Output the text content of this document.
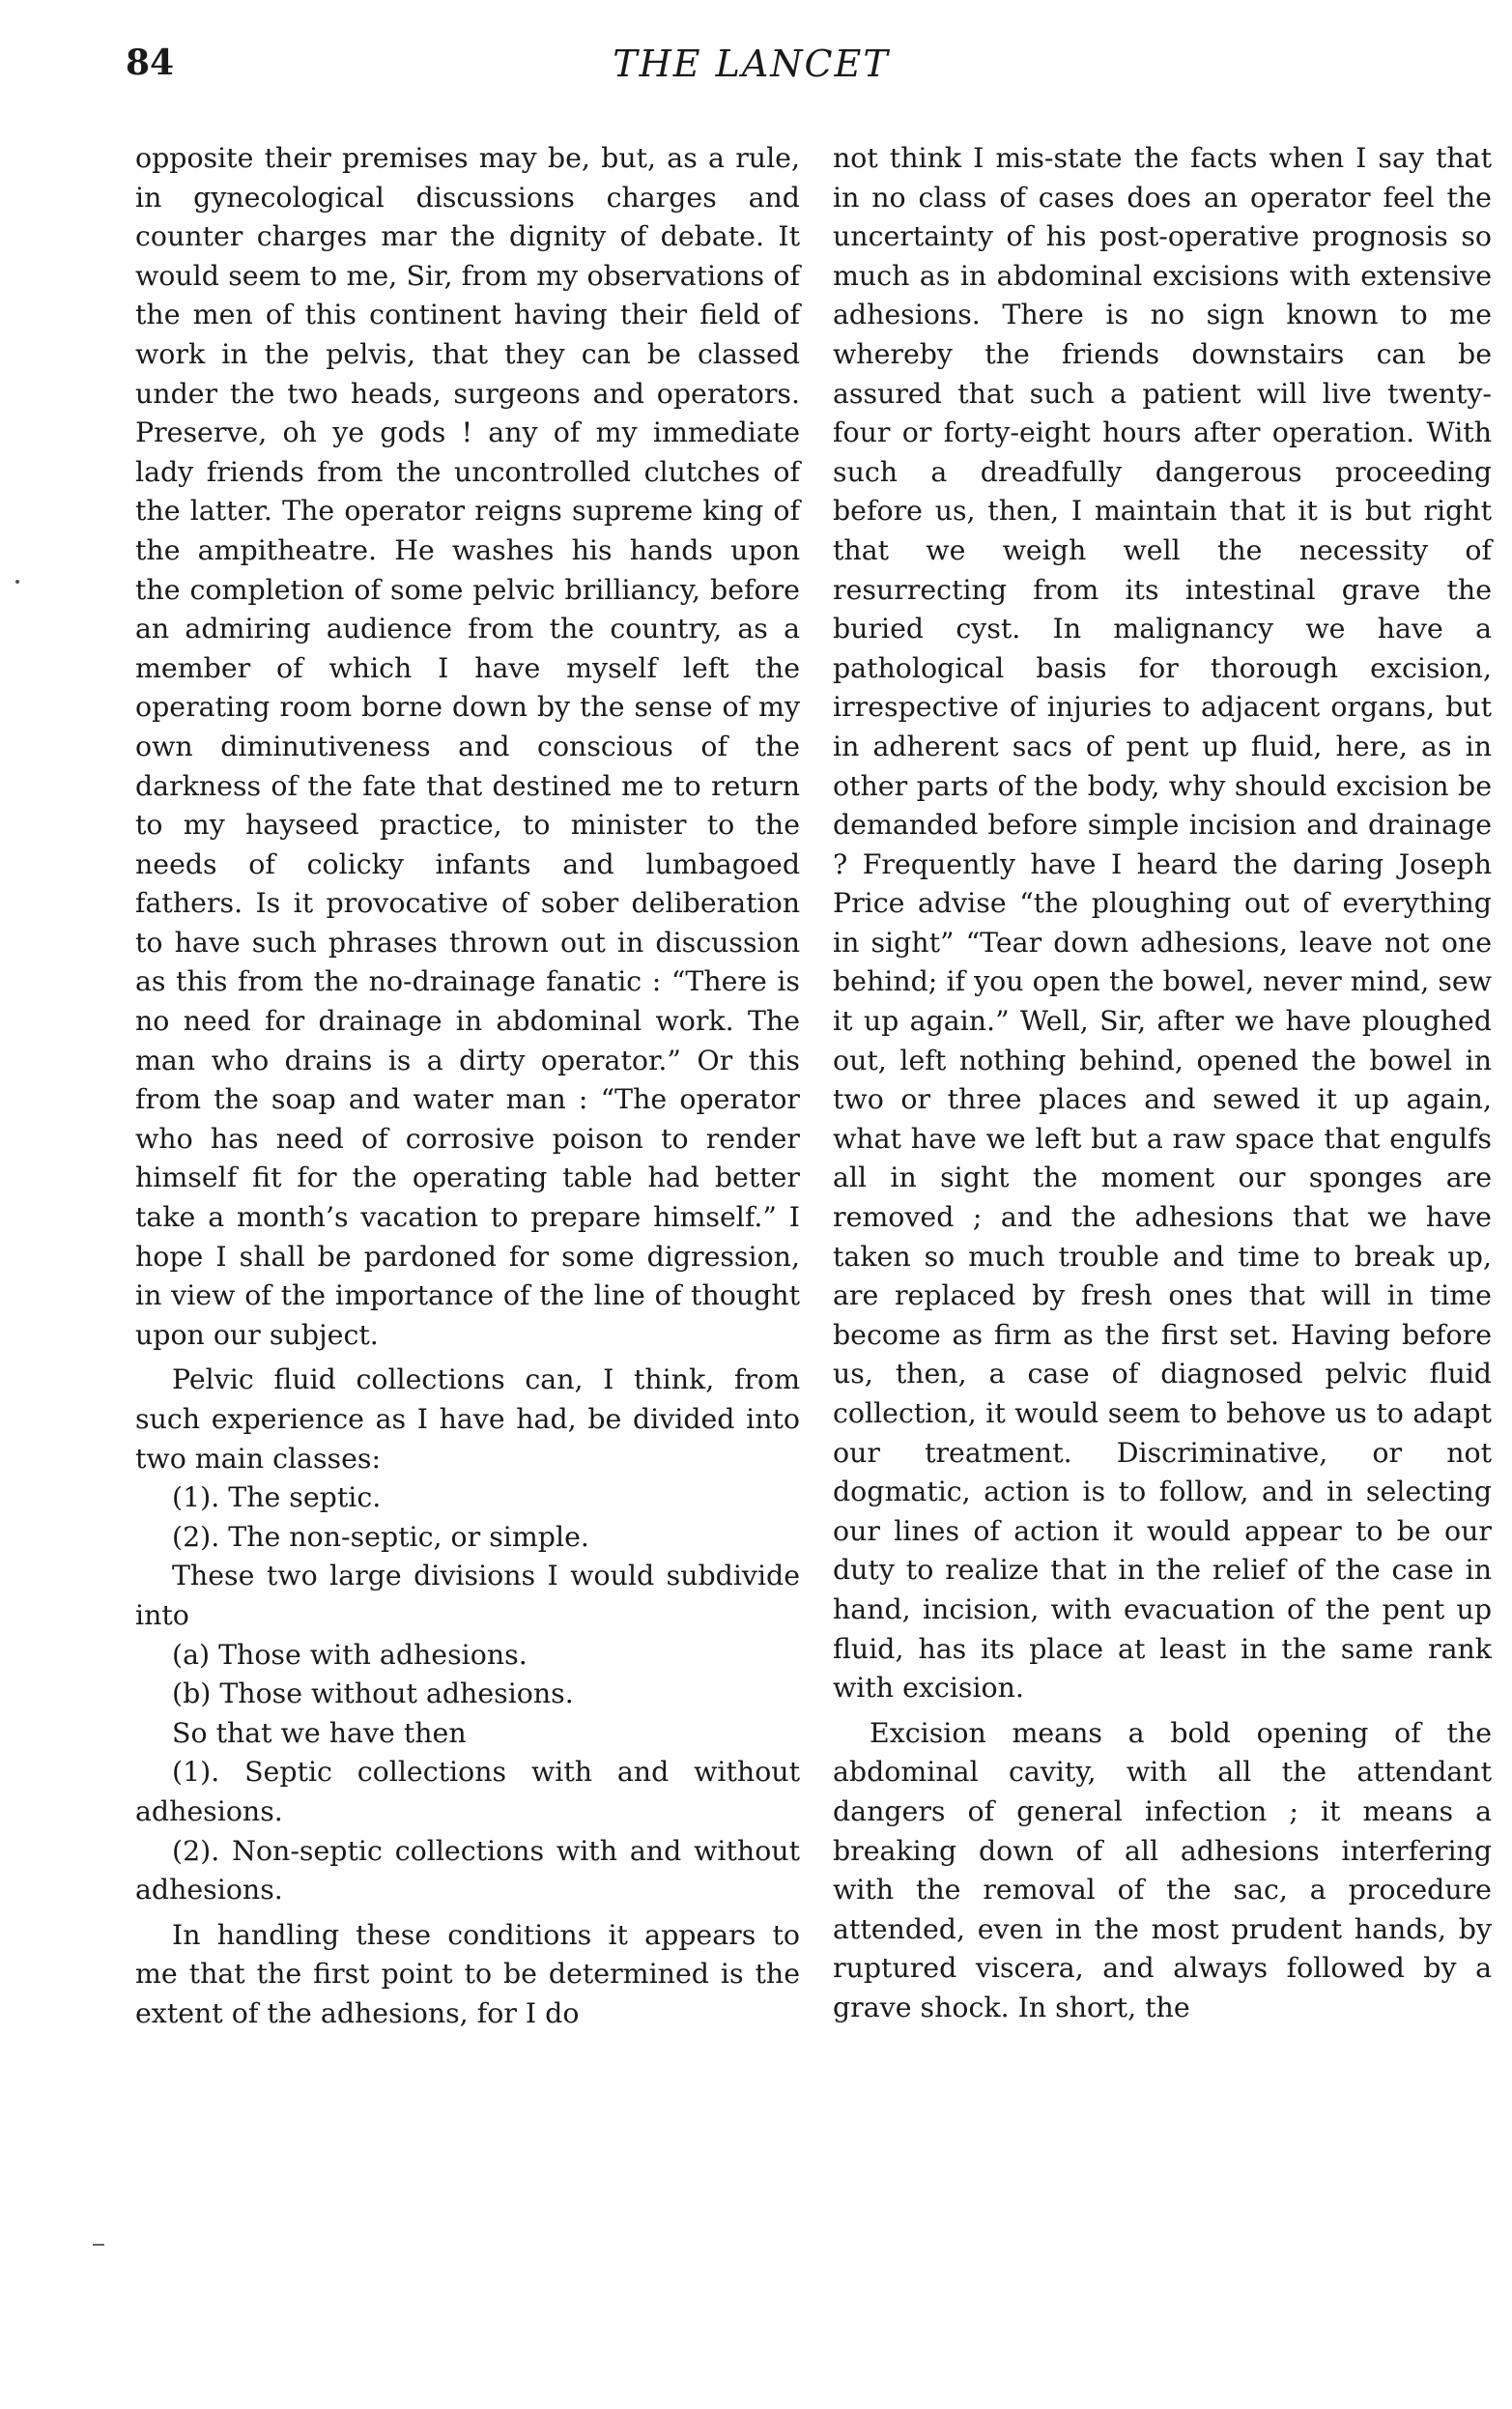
84	THE LANCET

opposite their premises may be, but, as a rule, in gynecological discussions charges and counter charges mar the dignity of debate. It would seem to me, Sir, from my observations of the men of this continent having their field of work in the pelvis, that they can be classed under the two heads, surgeons and operators. Preserve, oh ye gods ! any of my immediate lady friends from the uncontrolled clutches of the latter. The operator reigns supreme king of the ampitheatre. He washes his hands upon the completion of some pelvic brilliancy, before an admiring audience from the country, as a member of which I have myself left the operating room borne down by the sense of my own diminutiveness and conscious of the darkness of the fate that destined me to return to my hayseed practice, to minister to the needs of colicky infants and lumbagoed fathers. Is it provocative of sober deliberation to have such phrases thrown out in discussion as this from the no-drainage fanatic : “There is no need for drainage in abdominal work. The man who drains is a dirty operator.” Or this from the soap and water man : “The operator who has need of corrosive poison to render himself fit for the operating table had better take a month’s vacation to prepare himself.” I hope I shall be pardoned for some digression, in view of the importance of the line of thought upon our subject.

Pelvic fluid collections can, I think, from such experience as I have had, be divided into two main classes:

(1). The septic.

(2). The non-septic, or simple.

These two large divisions I would subdivide into

(a) Those with adhesions.

(b) Those without adhesions.

So that we have then

(1). Septic collections with and without adhesions.

(2). Non-septic collections with and without adhesions.

In handling these conditions it appears to me that the first point to be determined is the extent of the adhesions, for I do

not think I mis-state the facts when I say that in no class of cases does an operator feel the uncertainty of his post-operative prognosis so much as in abdominal excisions with extensive adhesions. There is no sign known to me whereby the friends downstairs can be assured that such a patient will live twenty-four or forty-eight hours after operation. With such a dreadfully dangerous proceeding before us, then, I maintain that it is but right that we weigh well the necessity of resurrecting from its intestinal grave the buried cyst. In malignancy we have a pathological basis for thorough excision, irrespective of injuries to adjacent organs, but in adherent sacs of pent up fluid, here, as in other parts of the body, why should excision be demanded before simple incision and drainage ? Frequently have I heard the daring Joseph Price advise “the ploughing out of everything in sight” “Tear down adhesions, leave not one behind; if you open the bowel, never mind, sew it up again.” Well, Sir, after we have ploughed out, left nothing behind, opened the bowel in two or three places and sewed it up again, what have we left but a raw space that engulfs all in sight the moment our sponges are removed ; and the adhesions that we have taken so much trouble and time to break up, are replaced by fresh ones that will in time become as firm as the first set. Having before us, then, a case of diagnosed pelvic fluid collection, it would seem to behove us to adapt our treatment. Discriminative, or not dogmatic, action is to follow, and in selecting our lines of action it would appear to be our duty to realize that in the relief of the case in hand, incision, with evacuation of the pent up fluid, has its place at least in the same rank with excision.

Excision means a bold opening of the abdominal cavity, with all the attendant dangers of general infection ; it means a breaking down of all adhesions interfering with the removal of the sac, a procedure attended, even in the most prudent hands, by ruptured viscera, and always followed by a grave shock. In short, the
